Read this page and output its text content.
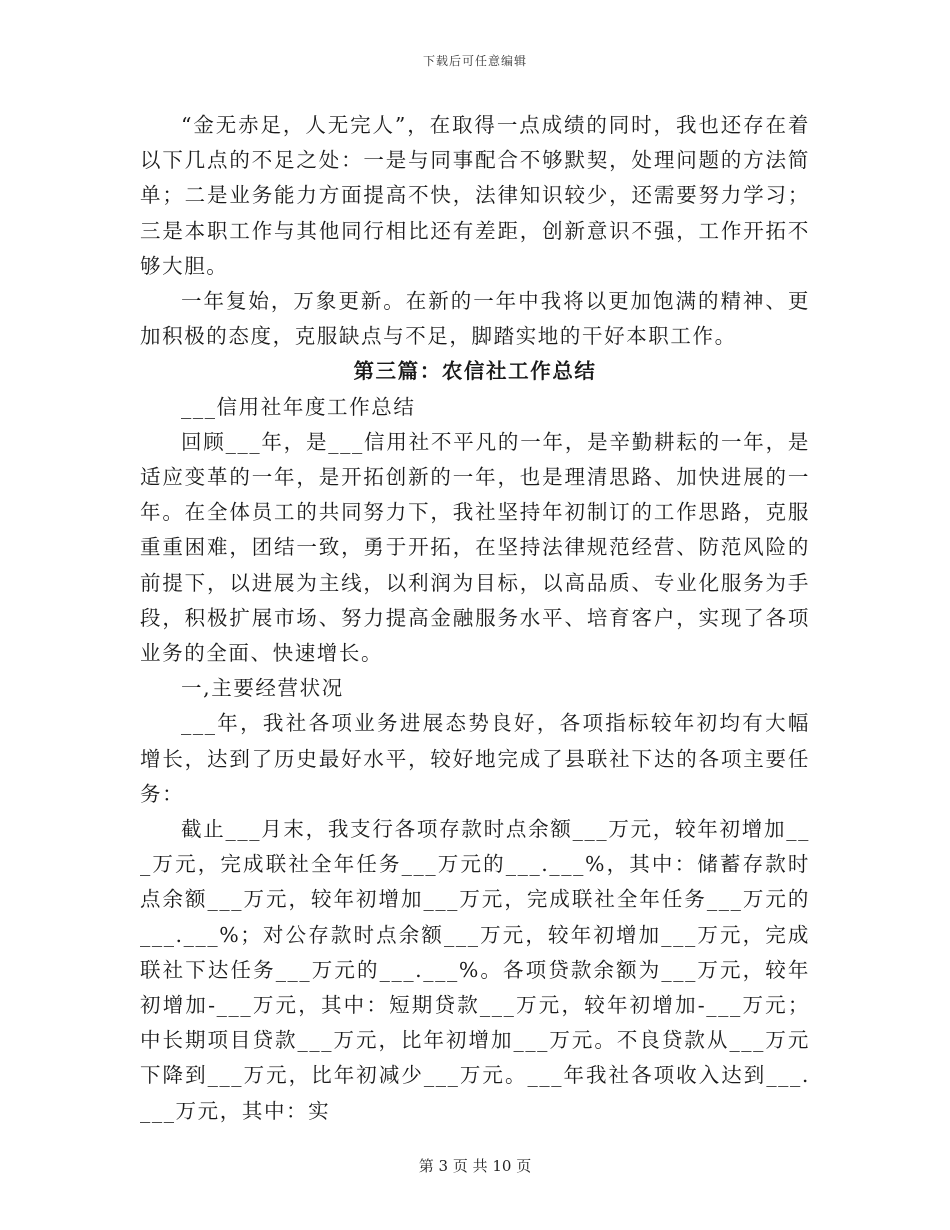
下载后可任意编辑

“金无赤足，人无完人”，在取得一点成绩的同时，我也还存在着以下几点的不足之处：一是与同事配合不够默契，处理问题的方法简单；二是业务能力方面提高不快，法律知识较少，还需要努力学习；三是本职工作与其他同行相比还有差距，创新意识不强，工作开拓不够大胆。

一年复始，万象更新。在新的一年中我将以更加饱满的精神、更加积极的态度，克服缺点与不足，脚踏实地的干好本职工作。

第三篇：农信社工作总结

___信用社年度工作总结

回顾___年，是___信用社不平凡的一年，是辛勤耕耘的一年，是适应变革的一年，是开拓创新的一年，也是理清思路、加快进展的一年。在全体员工的共同努力下，我社坚持年初制订的工作思路，克服重重困难，团结一致，勇于开拓，在坚持法律规范经营、防范风险的前提下，以进展为主线，以利润为目标，以高品质、专业化服务为手段，积极扩展市场、努力提高金融服务水平、培育客户，实现了各项业务的全面、快速增长。

一,主要经营状况

___年，我社各项业务进展态势良好，各项指标较年初均有大幅增长，达到了历史最好水平，较好地完成了县联社下达的各项主要任务：

截止___月末，我支行各项存款时点余额___万元，较年初增加___万元，完成联社全年任务___万元的___.___%，其中：储蓄存款时点余额___万元，较年初增加___万元，完成联社全年任务___万元的___.___%；对公存款时点余额___万元，较年初增加___万元，完成联社下达任务___万元的___.___%。各项贷款余额为___万元，较年初增加-___万元，其中：短期贷款___万元，较年初增加-___万元；中长期项目贷款___万元，比年初增加___万元。不良贷款从___万元下降到___万元，比年初减少___万元。___年我社各项收入达到___.___万元，其中：实

第 3 页 共 10 页
